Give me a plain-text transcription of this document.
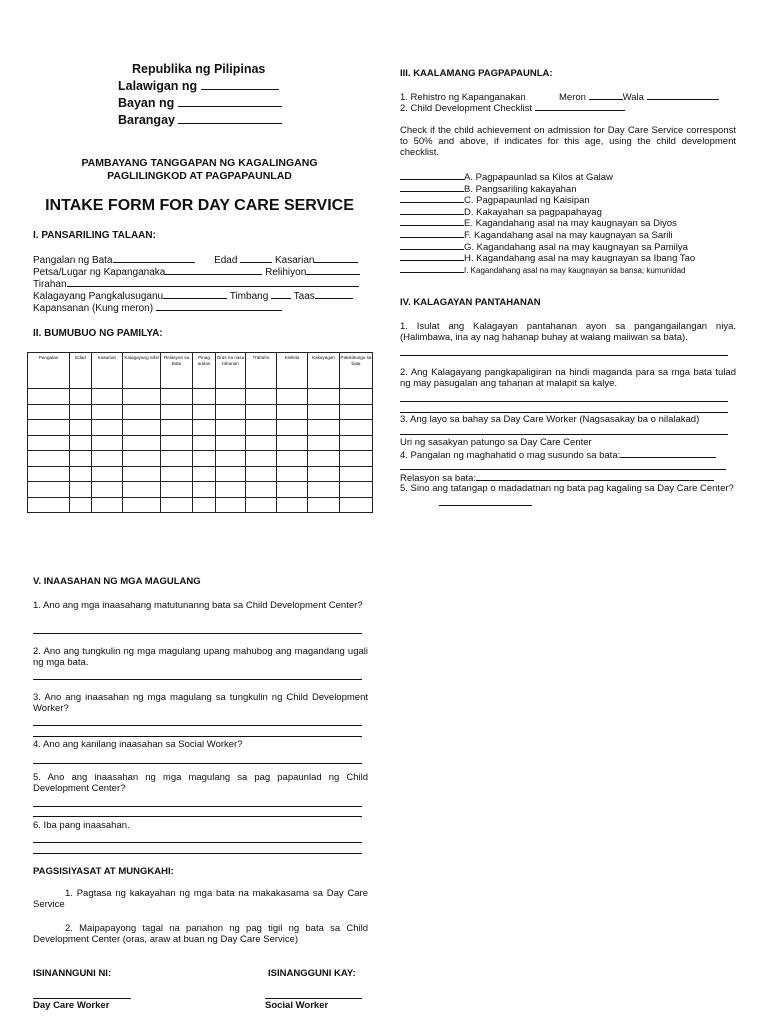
Republika ng Pilipinas
Lalawigan ng
Bayan ng
Barangay
PAMBAYANG TANGGAPAN NG KAGALINGANG
PAGLILINGKOD AT PAGPAPAUNLAD
INTAKE FORM FOR DAY CARE SERVICE
I. PANSARILING TALAAN:
Pangalan ng Bata	Edad	Kasarian
Petsa/Lugar ng Kapanganaka	Relihiyon
Tirahan
Kalagayang Pangkalusuganu	Timbang	Taas
Kapansanan (Kung meron)
II. BUMUBUO NG PAMILYA:
Pangalan	Edad	Kasarian	Kalagayang Sibil	Relasyon sa Bata	Pinag aralan	Oras na nasa tahanan	Trabaho	Kinikita	Kakayagan	Pakikiitungo sa bata

V. INAASAHAN NG MGA MAGULANG
1. Ano ang mga inaasahang matutunanng bata sa Child Development Center?
2. Ano ang tungkulin ng mga magulang upang mahubog ang magandang ugali ng mga bata.
3. Ano ang inaasahan ng mga magulang sa tungkulin ng Child Development Worker?
4. Ano ang kanilang inaasahan sa Social Worker?
5. Ano ang inaasahan ng mga magulang sa pag papaunlad ng Child Development Center?
6. Iba pang inaasahan.
PAGSISIYASAT AT MUNGKAHI:
1. Pagtasa ng kakayahan ng mga bata na makakasama sa Day Care Service
2. Maipapayong tagal na panahon ng pag tigil ng bata sa Child Development Center (oras, araw at buan ng Day Care Service)
ISINANNGUNI NI:	ISINANGGUNI KAY:
Day Care Worker	Social Worker
III. KAALAMANG PAGPAPAUNLA:
1. Rehistro ng Kapanganakan	Meron	Wala
2. Child Development Checklist
Check if the child achievement on admission for Day Care Service corresponst to 50% and above, if indicates for this age, using the child development checklist.
A. Pagpapaunlad sa Kilos at Galaw
B. Pangsariling kakayahan
C. Pagpapaunlad ng Kaisipan
D. Kakayahan sa pagpapahayag
E. Kagandahang asal na may kaugnayan sa Diyos
F. Kagandahang asal na may kaugnayan sa Sarili
G. Kagandahang asal na may kaugnayan sa Pamilya
H. Kagandahang asal na may kaugnayan sa Ibang Tao
I. Kagandahang asal na may kaugnayan sa bansa; kumunidad
IV. KALAGAYAN PANTAHANAN
1. Isulat ang Kalagayan pantahanan ayon sa pangangailangan niya. (Halimbawa, ina ay nag hahanap buhay at walang maiiwan sa bata).
2. Ang Kalagayang pangkapaligiran na hindi maganda para sa mga bata tulad ng may pasugalan ang tahanan at malapit sa kalye.
3. Ang layo sa bahay sa Day Care Worker (Nagsasakay ba o nilalakad)
Uri ng sasakyan patungo sa Day Care Center
4. Pangalan ng maghahatid o mag susundo sa bata:
Relasyon sa bata:
5. Sino ang tatangap o madadatnan ng bata pag kagaling sa Day Care Center?
